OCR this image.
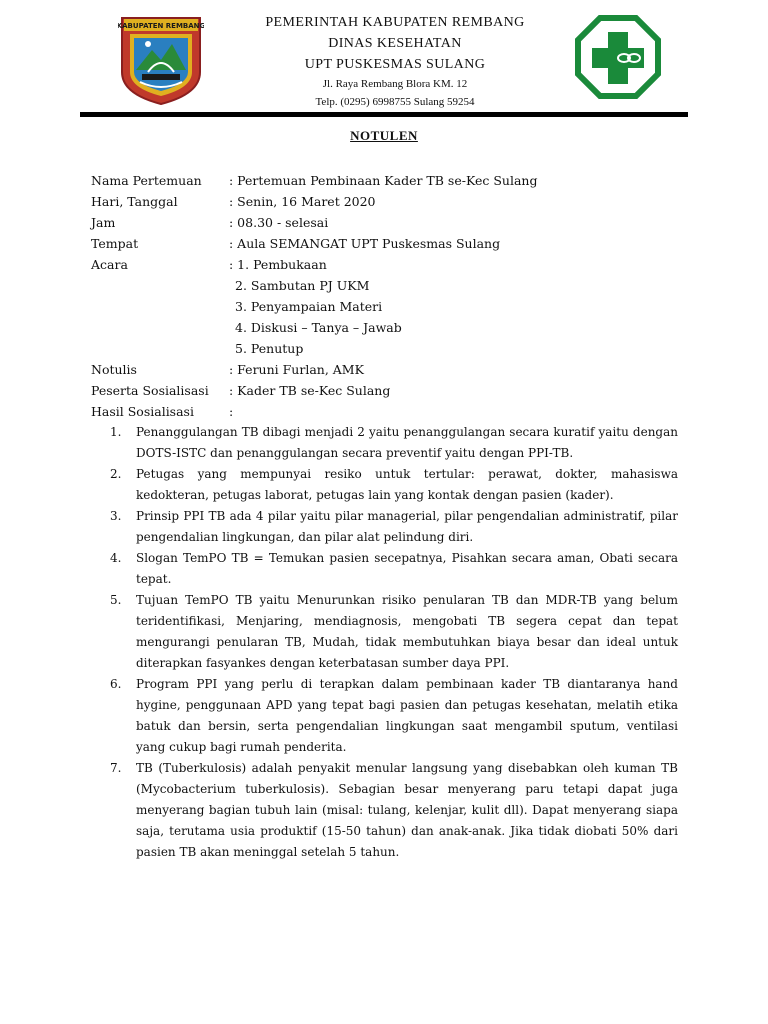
KABUPATEN REMBANG	PEMERINTAH KABUPATEN REMBANG
DINAS KESEHATAN
UPT PUSKESMAS SULANG
Jl. Raya Rembang Blora KM. 12
Telp. (0295) 6998755 Sulang 59254
NOTULEN
Nama Pertemuan	: Pertemuan Pembinaan Kader TB se-Kec Sulang
Hari, Tanggal	: Senin, 16 Maret 2020
Jam	: 08.30 - selesai
Tempat	: Aula SEMANGAT UPT Puskesmas Sulang
Acara	: 1. Pembukaan
2. Sambutan PJ UKM
3. Penyampaian Materi
4. Diskusi – Tanya – Jawab
5. Penutup
Notulis	: Feruni Furlan, AMK
Peserta Sosialisasi	: Kader TB se-Kec Sulang
Hasil Sosialisasi	:
1.	Penanggulangan TB dibagi menjadi 2 yaitu penanggulangan secara kuratif yaitu dengan DOTS-ISTC dan penanggulangan secara preventif yaitu dengan PPI-TB.
2.	Petugas yang mempunyai resiko untuk tertular: perawat, dokter, mahasiswa kedokteran, petugas laborat, petugas lain yang kontak dengan pasien (kader).
3.	Prinsip PPI TB ada 4 pilar yaitu pilar managerial, pilar pengendalian administratif, pilar pengendalian lingkungan, dan pilar alat pelindung diri.
4.	Slogan TemPO TB = Temukan pasien secepatnya, Pisahkan secara aman, Obati secara tepat.
5.	Tujuan TemPO TB yaitu Menurunkan risiko penularan TB dan MDR-TB yang belum teridentifikasi, Menjaring, mendiagnosis, mengobati TB segera cepat dan tepat mengurangi penularan TB, Mudah, tidak membutuhkan biaya besar dan ideal untuk diterapkan fasyankes dengan keterbatasan sumber daya PPI.
6.	Program PPI yang perlu di terapkan dalam pembinaan kader TB diantaranya hand hygine, penggunaan APD yang tepat bagi pasien dan petugas kesehatan, melatih etika batuk dan bersin, serta pengendalian lingkungan saat mengambil sputum, ventilasi yang cukup bagi rumah penderita.
7.	TB (Tuberkulosis) adalah penyakit menular langsung yang disebabkan oleh kuman TB (Mycobacterium tuberkulosis). Sebagian besar menyerang paru tetapi dapat juga menyerang bagian tubuh lain (misal: tulang, kelenjar, kulit dll). Dapat menyerang siapa saja, terutama usia produktif (15-50 tahun) dan anak-anak. Jika tidak diobati 50% dari pasien TB akan meninggal setelah 5 tahun.
